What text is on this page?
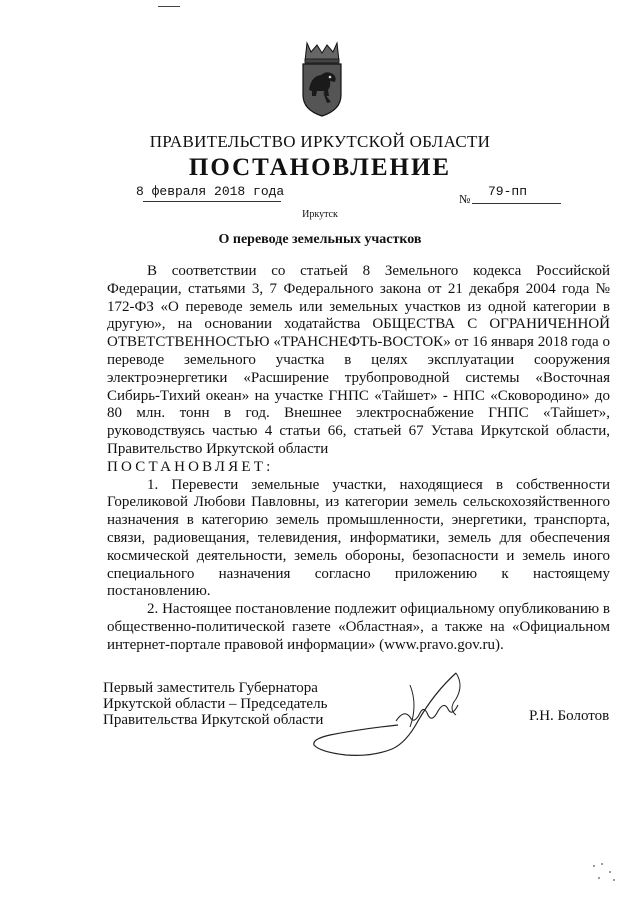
ПРАВИТЕЛЬСТВО ИРКУТСКОЙ ОБЛАСТИ
ПОСТАНОВЛЕНИЕ
8 февраля 2018 года	№ 79-пп
Иркутск
О переводе земельных участков

В соответствии со статьей 8 Земельного кодекса Российской Федерации, статьями 3, 7 Федерального закона от 21 декабря 2004 года № 172-ФЗ «О переводе земель или земельных участков из одной категории в другую», на основании ходатайства ОБЩЕСТВА С ОГРАНИЧЕННОЙ ОТВЕТСТВЕННОСТЬЮ «ТРАНСНЕФТЬ-ВОСТОК» от 16 января 2018 года о переводе земельного участка в целях эксплуатации сооружения электроэнергетики «Расширение трубопроводной системы «Восточная Сибирь-Тихий океан» на участке ГНПС «Тайшет» - НПС «Сковородино» до 80 млн. тонн в год. Внешнее электроснабжение ГНПС «Тайшет», руководствуясь частью 4 статьи 66, статьей 67 Устава Иркутской области, Правительство Иркутской области

ПОСТАНОВЛЯЕТ:

1. Перевести земельные участки, находящиеся в собственности Гореликовой Любови Павловны, из категории земель сельскохозяйственного назначения в категорию земель промышленности, энергетики, транспорта, связи, радиовещания, телевидения, информатики, земель для обеспечения космической деятельности, земель обороны, безопасности и земель иного специального назначения согласно приложению к настоящему постановлению.

2. Настоящее постановление подлежит официальному опубликованию в общественно-политической газете «Областная», а также на «Официальном интернет-портале правовой информации» (www.pravo.gov.ru).

Первый заместитель Губернатора
Иркутской области – Председатель
Правительства Иркутской области	Р.Н. Болотов
